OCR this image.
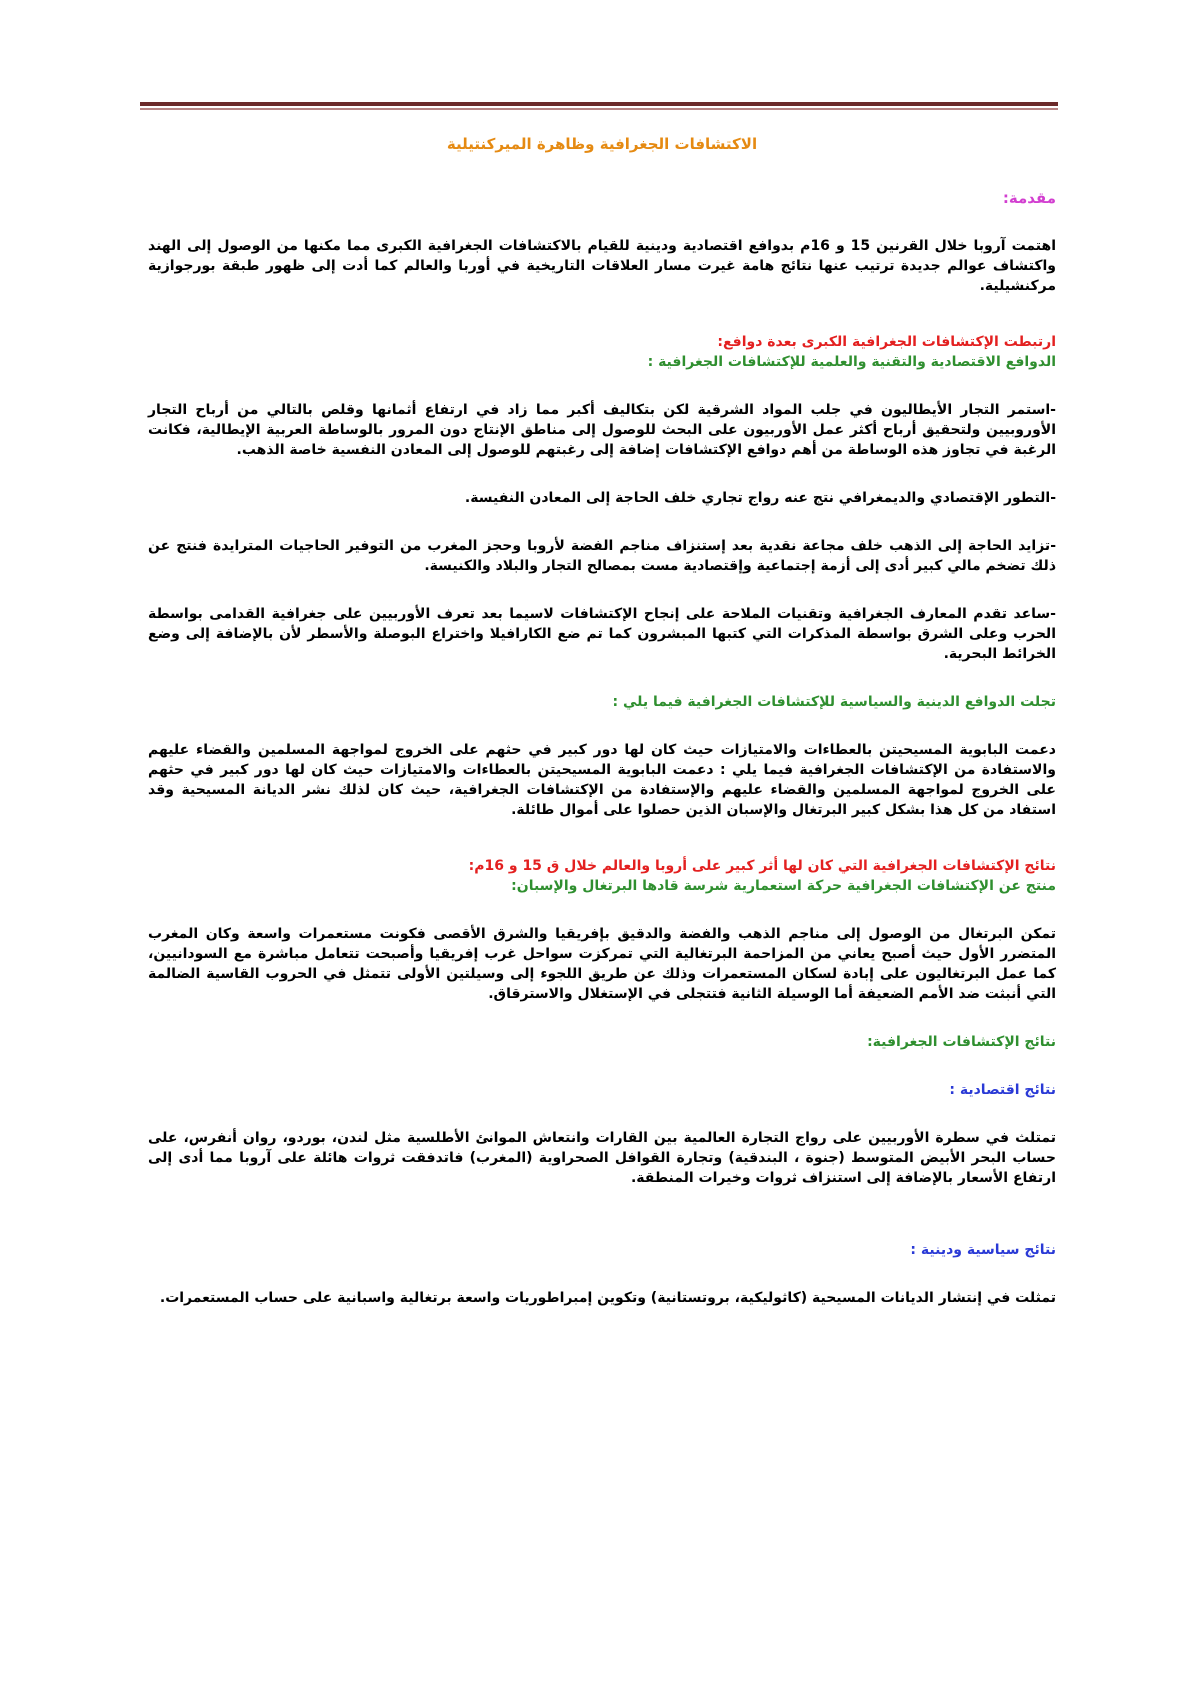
الاكتشافات الجغرافية وظاهرة الميركنتيلية

مقدمة:

اهتمت آروبا خلال القرنين 15 و 16م بدوافع اقتصادية ودينية للقيام بالاكتشافات الجغرافية الكبرى مما مكنها من الوصول إلى الهند واكتشاف عوالم جديدة ترتيب عنها نتائج هامة غيرت مسار العلاقات التاريخية في أوربا والعالم كما أدت إلى ظهور طبقة بورجوازية مركنشيلية.

ارتبطت الإكتشافات الجغرافية الكبرى بعدة دوافع:

الدوافع الاقتصادية والتقنية والعلمية للإكتشافات الجغرافية :

-استمر التجار الأيطاليون في جلب المواد الشرقية لكن بتكاليف أكبر مما زاد في ارتفاع أثمانها وقلص بالتالي من أرباح التجار الأوروبيين ولتحقيق أرباح أكثر عمل الأوربيون على البحث للوصول إلى مناطق الإنتاج دون المرور بالوساطة العربية الإيطالية، فكانت الرغبة في تجاوز هذه الوساطة من أهم دوافع الإكتشافات إضافة إلى رغبتهم للوصول إلى المعادن النفسية خاصة الذهب.

-التطور الإقتصادي والديمغرافي نتج عنه رواج تجاري خلف الحاجة إلى المعادن النفيسة.

-تزايد الحاجة إلى الذهب خلف مجاعة نقدية بعد إستنزاف مناجم الفضة لأروبا وحجز المغرب من التوفير الحاجيات المترايدة فنتج عن ذلك تضخم مالي كبير أدى إلى أزمة إجتماعية وإقتصادية مست بمصالح التجار والبلاد والكنيسة.

-ساعد تقدم المعارف الجغرافية وتقنيات الملاحة على إنجاح الإكتشافات لاسيما بعد تعرف الأوربيين على جغرافية القدامى بواسطة الحرب وعلى الشرق بواسطة المذكرات التي كتبها المبشرون كما تم ضع الكارافيلا واختراع البوصلة والأسطر لأن بالإضافة إلى وضع الخرائط البحرية.

تجلت الدوافع الدينية والسياسية للإكتشافات الجغرافية فيما يلي :

دعمت البابوية المسيحيتن بالعطاءات والامتيازات حيث كان لها دور كبير في حثهم على الخروج لمواجهة المسلمين والقضاء عليهم والاستفادة من الإكتشافات الجغرافية فيما يلي : دعمت البابوية المسيحيتن بالعطاءات والامتيازات حيث كان لها دور كبير في حثهم على الخروج لمواجهة المسلمين والقضاء عليهم والإستفادة من الإكتشافات الجغرافية، حيث كان لذلك نشر الديانة المسيحية وقد استفاد من كل هذا بشكل كبير البرتغال والإسبان الذين حصلوا على أموال طائلة.

نتائج الإكتشافات الجغرافية التي كان لها أثر كبير على أروبا والعالم خلال ق 15 و 16م:

منتج عن الإكتشافات الجغرافية حركة استعمارية شرسة قادها البرتغال والإسبان:

تمكن البرتغال من الوصول إلى مناجم الذهب والفضة والدقيق بإفريقيا والشرق الأقصى فكونت مستعمرات واسعة وكان المغرب المتضرر الأول حيث أصبح يعاني من المزاحمة البرتغالية التي تمركزت سواحل غرب إفريقيا وأصبحت تتعامل مباشرة مع السودانيين، كما عمل البرتغاليون على إبادة لسكان المستعمرات وذلك عن طريق اللجوء إلى وسيلتين الأولى تتمثل في الحروب القاسية الضالمة التي أنبثت ضد الأمم الضعيفة أما الوسيلة الثانية فتتجلى في الإستغلال والاسترقاق.

نتائج الإكتشافات الجغرافية:

نتائج اقتصادية :

تمتلث في سطرة الأوربيين على رواج التجارة العالمية بين القارات وانتعاش الموانئ الأطلسية مثل لندن، بوردو، روان أنفرس، على حساب البحر الأبيض المتوسط (جنوة ، البندقية) وتجارة القوافل الصحراوية (المغرب) فاتدفقت ثروات هائلة على آروبا مما أدى إلى ارتفاع الأسعار بالإضافة إلى استنزاف ثروات وخيرات المنطقة.

نتائج سياسية ودينية :

تمثلت في إنتشار الديانات المسيحية (كاثوليكية، بروتستانية) وتكوين إمبراطوريات واسعة برتغالية واسبانية على حساب المستعمرات.
